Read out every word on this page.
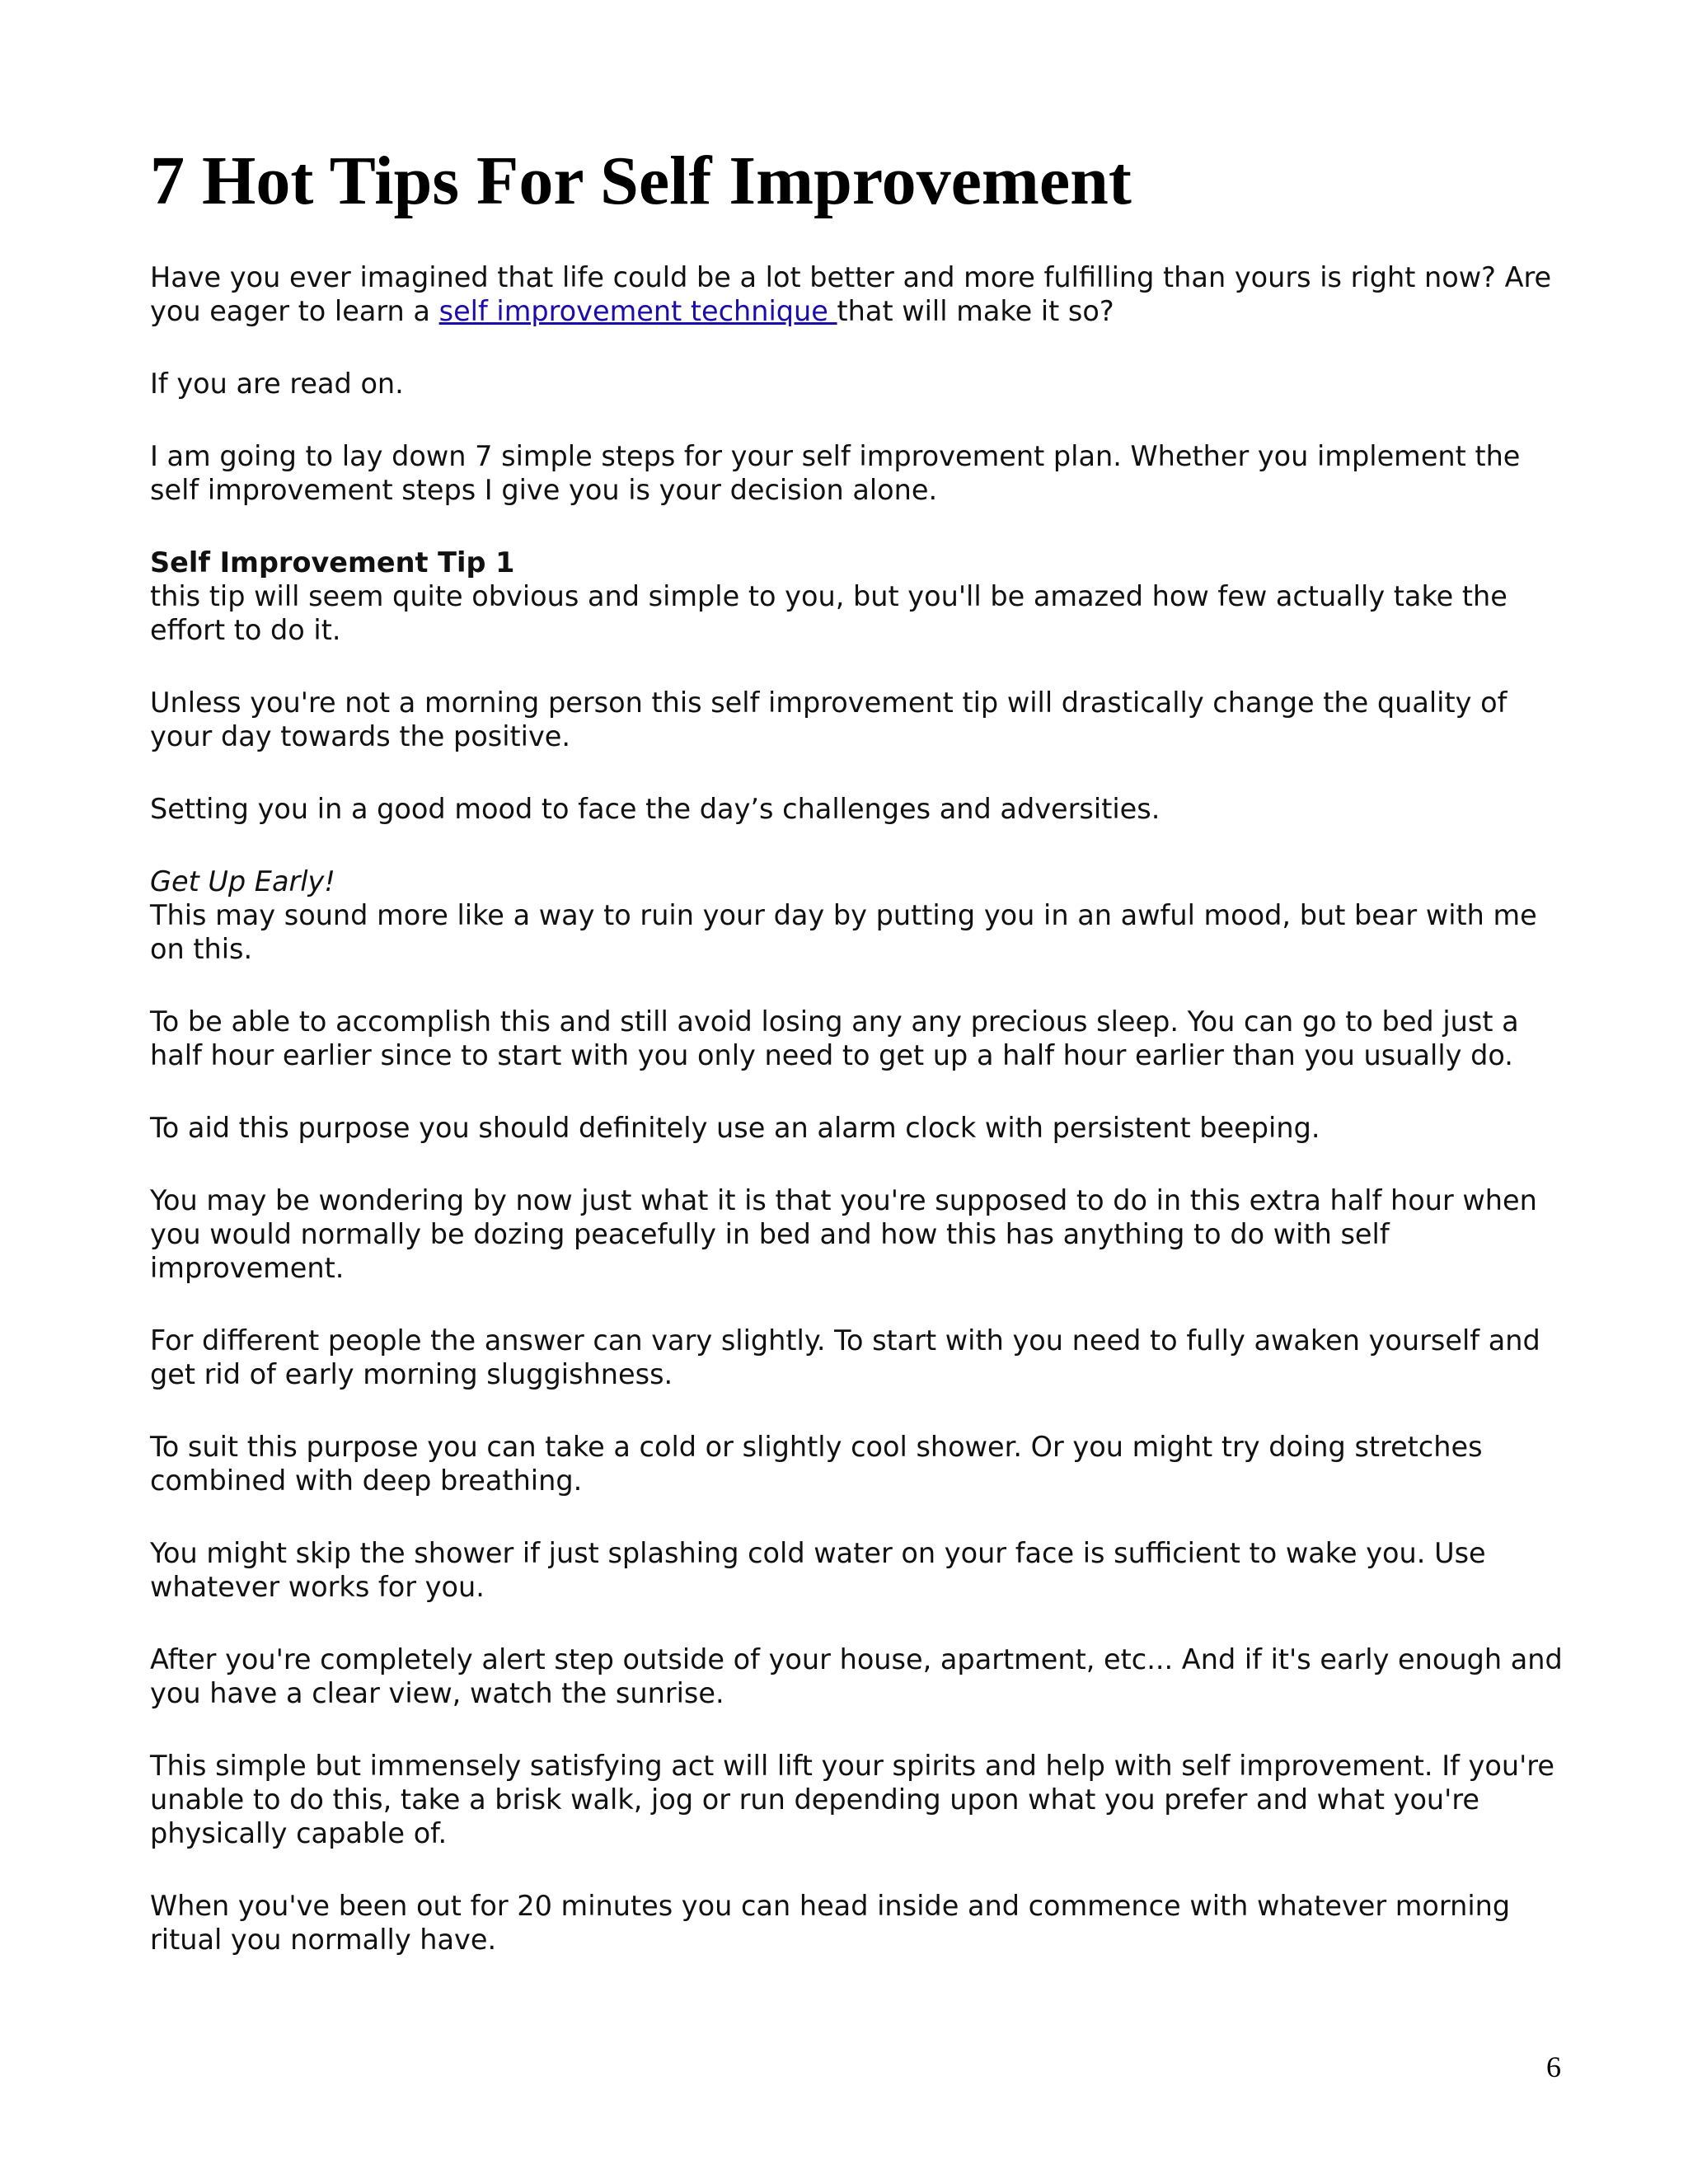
7 Hot Tips For Self Improvement

Have you ever imagined that life could be a lot better and more fulfilling than yours is right now? Are you eager to learn a self improvement technique that will make it so?

If you are read on.

I am going to lay down 7 simple steps for your self improvement plan. Whether you implement the self improvement steps I give you is your decision alone.

Self Improvement Tip 1
this tip will seem quite obvious and simple to you, but you'll be amazed how few actually take the effort to do it.

Unless you're not a morning person this self improvement tip will drastically change the quality of your day towards the positive.

Setting you in a good mood to face the day’s challenges and adversities.

Get Up Early!
This may sound more like a way to ruin your day by putting you in an awful mood, but bear with me on this.

To be able to accomplish this and still avoid losing any any precious sleep. You can go to bed just a half hour earlier since to start with you only need to get up a half hour earlier than you usually do.

To aid this purpose you should definitely use an alarm clock with persistent beeping.

You may be wondering by now just what it is that you're supposed to do in this extra half hour when you would normally be dozing peacefully in bed and how this has anything to do with self improvement.

For different people the answer can vary slightly. To start with you need to fully awaken yourself and get rid of early morning sluggishness.

To suit this purpose you can take a cold or slightly cool shower. Or you might try doing stretches combined with deep breathing.

You might skip the shower if just splashing cold water on your face is sufficient to wake you. Use whatever works for you.

After you're completely alert step outside of your house, apartment, etc... And if it's early enough and you have a clear view, watch the sunrise.

This simple but immensely satisfying act will lift your spirits and help with self improvement. If you're unable to do this, take a brisk walk, jog or run depending upon what you prefer and what you're physically capable of.

When you've been out for 20 minutes you can head inside and commence with whatever morning ritual you normally have.

6
